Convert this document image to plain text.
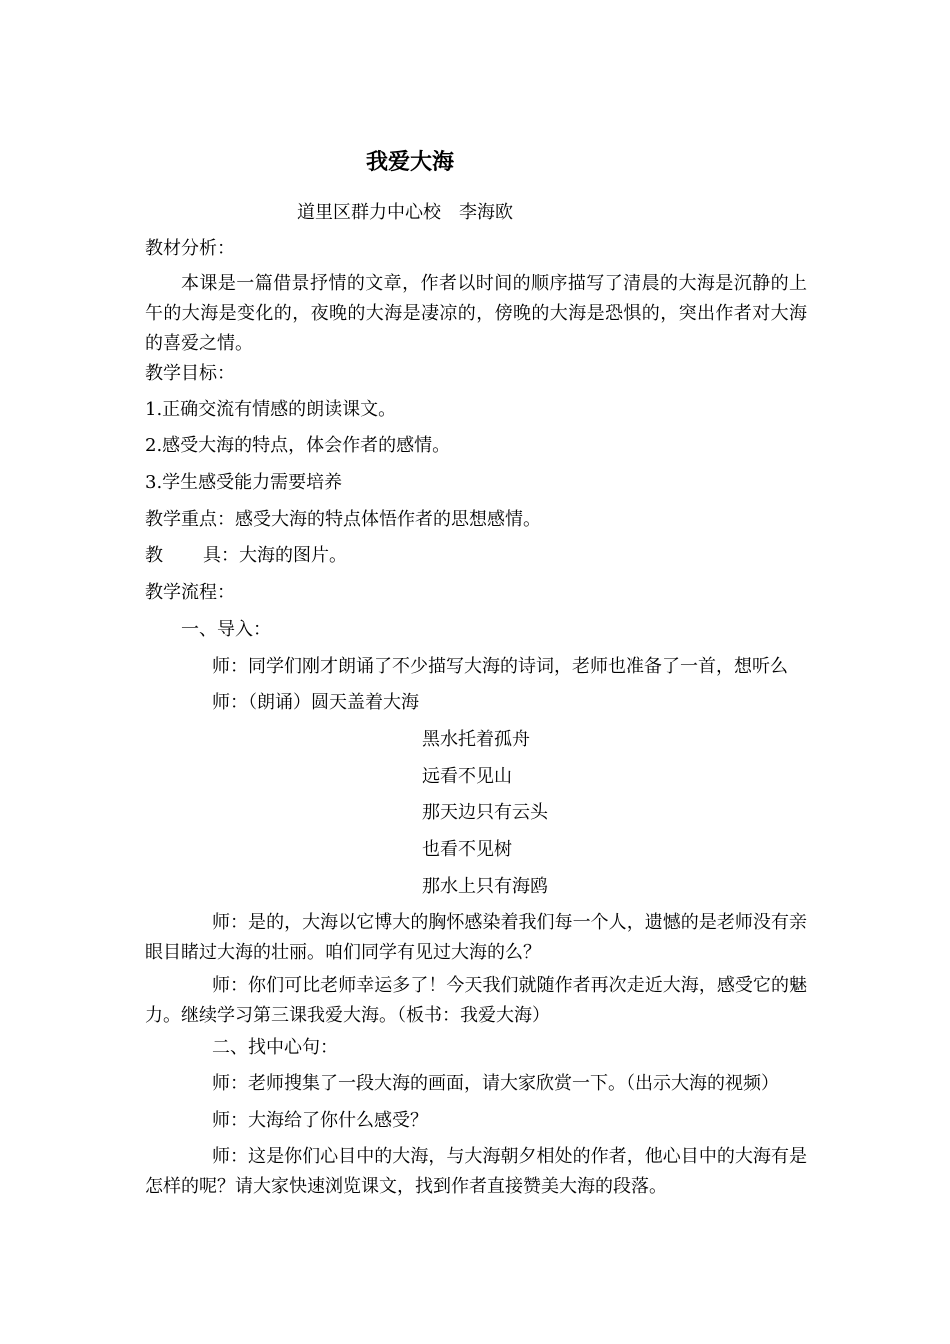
我爱大海
道里区群力中心校　李海欧
教材分析：
本课是一篇借景抒情的文章，作者以时间的顺序描写了清晨的大海是沉静的上午的大海是变化的，夜晚的大海是凄凉的，傍晚的大海是恐惧的，突出作者对大海的喜爱之情。
教学目标：
1.正确交流有情感的朗读课文。
2.感受大海的特点，体会作者的感情。
3.学生感受能力需要培养
教学重点：感受大海的特点体悟作者的思想感情。
教 具：大海的图片。
教学流程：
一、导入：
师：同学们刚才朗诵了不少描写大海的诗词，老师也准备了一首，想听么
师：（朗诵）圆天盖着大海
黑水托着孤舟
远看不见山
那天边只有云头
也看不见树
那水上只有海鸥
师：是的，大海以它博大的胸怀感染着我们每一个人，遗憾的是老师没有亲眼目睹过大海的壮丽。咱们同学有见过大海的么？
师：你们可比老师幸运多了！今天我们就随作者再次走近大海，感受它的魅力。继续学习第三课我爱大海。（板书：我爱大海）
二、找中心句：
师：老师搜集了一段大海的画面，请大家欣赏一下。（出示大海的视频）
师：大海给了你什么感受？
师：这是你们心目中的大海，与大海朝夕相处的作者，他心目中的大海有是怎样的呢？请大家快速浏览课文，找到作者直接赞美大海的段落。
